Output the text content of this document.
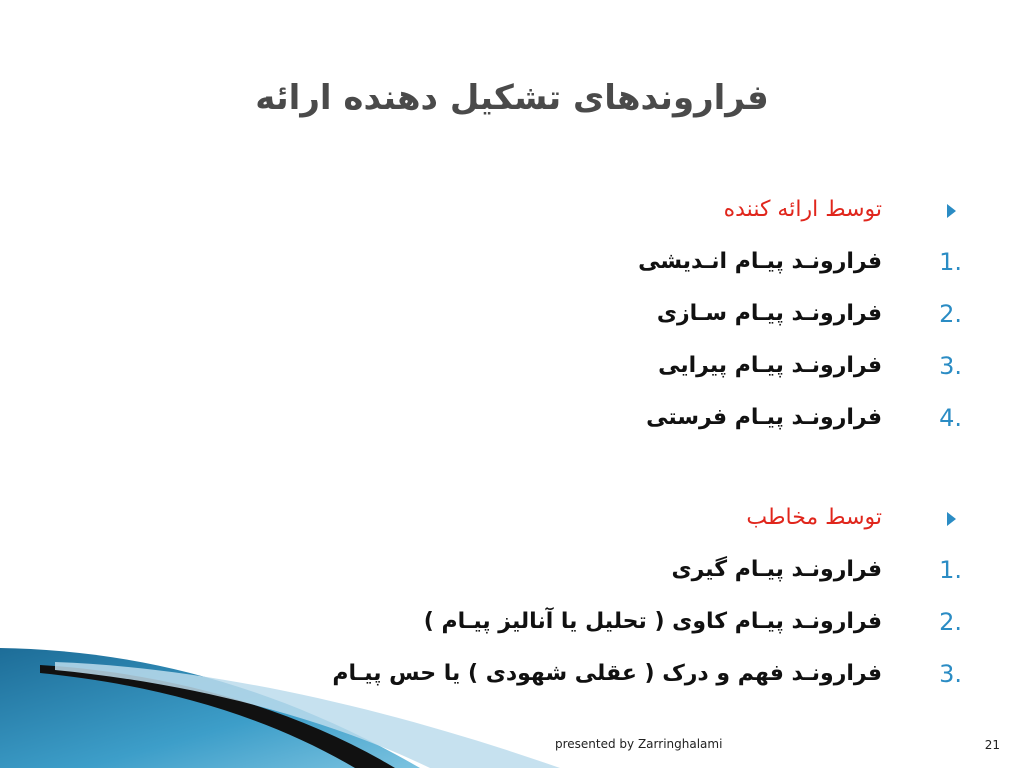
فراروندهای تشکیل دهنده ارائه
توسط ارائه کننده
1.
فرارونـد پیـام انـدیشی
2.
فرارونـد پیـام سـازی
3.
فرارونـد پیـام پیرایی
4.
فرارونـد پیـام فرستی
توسط مخاطب
1.
فرارونـد پیـام گیری
2.
فرارونـد پیـام کاوی ( تحلیل یا آنالیز پیـام )
3.
فرارونـد فهم و درک ( عقلی شهودی ) یا حس پیـام
presented by Zarringhalami	21
